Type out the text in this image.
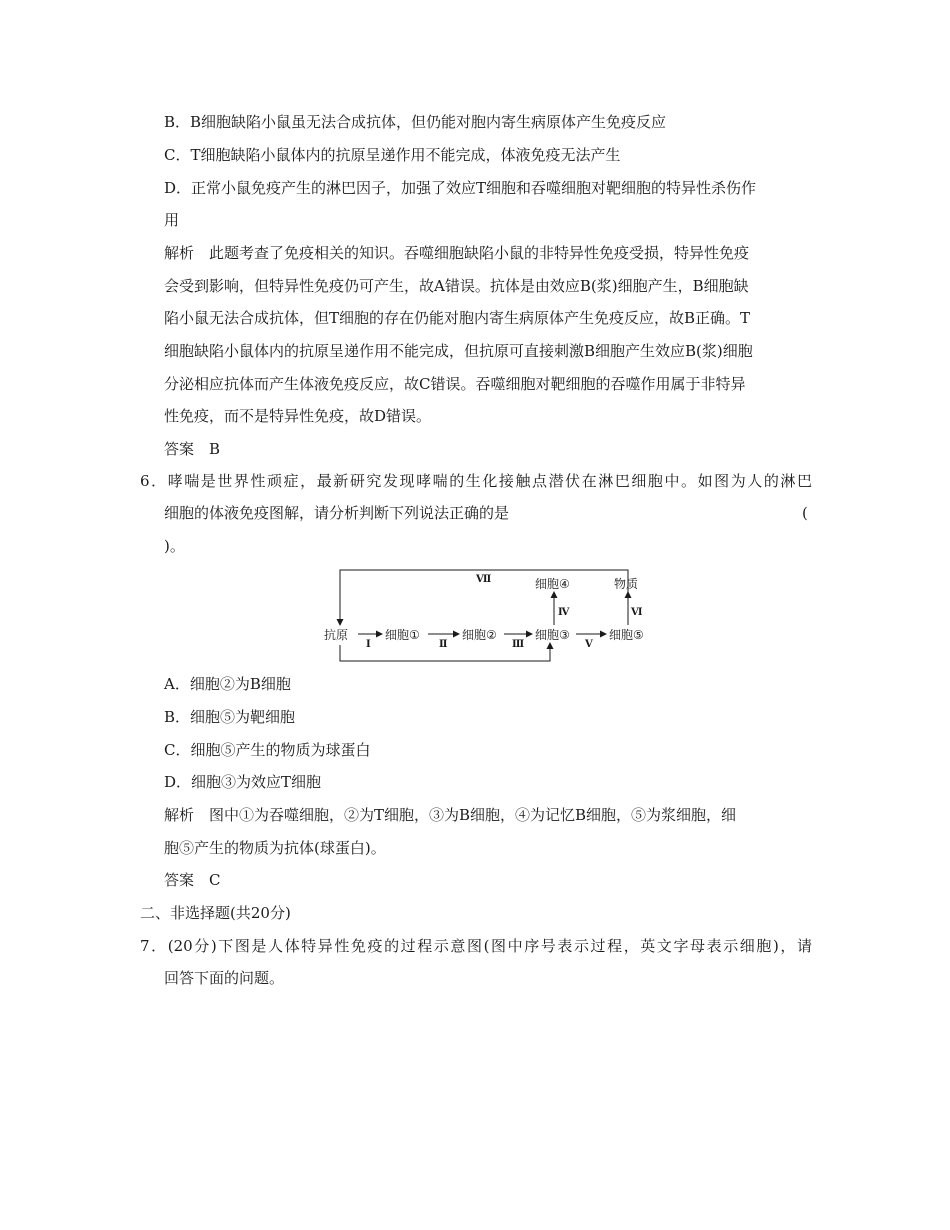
B．B细胞缺陷小鼠虽无法合成抗体，但仍能对胞内寄生病原体产生免疫反应
C．T细胞缺陷小鼠体内的抗原呈递作用不能完成，体液免疫无法产生
D．正常小鼠免疫产生的淋巴因子，加强了效应T细胞和吞噬细胞对靶细胞的特异性杀伤作
用
解析　此题考查了免疫相关的知识。吞噬细胞缺陷小鼠的非特异性免疫受损，特异性免疫
会受到影响，但特异性免疫仍可产生，故A错误。抗体是由效应B(浆)细胞产生，B细胞缺
陷小鼠无法合成抗体，但T细胞的存在仍能对胞内寄生病原体产生免疫反应，故B正确。T
细胞缺陷小鼠体内的抗原呈递作用不能完成，但抗原可直接刺激B细胞产生效应B(浆)细胞
分泌相应抗体而产生体液免疫反应，故C错误。吞噬细胞对靶细胞的吞噬作用属于非特异
性免疫，而不是特异性免疫，故D错误。
答案　B
6．哮喘是世界性顽症，最新研究发现哮喘的生化接触点潜伏在淋巴细胞中。如图为人的淋巴
细胞的体液免疫图解，请分析判断下列说法正确的是	(
)。
抗原	细胞①	细胞②	细胞③	细胞⑤
细胞④	物质
Ⅰ	Ⅱ	Ⅲ
Ⅳ
Ⅴ
Ⅵ
Ⅶ
A．细胞②为B细胞
B．细胞⑤为靶细胞
C．细胞⑤产生的物质为球蛋白
D．细胞③为效应T细胞
解析　图中①为吞噬细胞，②为T细胞，③为B细胞，④为记忆B细胞，⑤为浆细胞，细
胞⑤产生的物质为抗体(球蛋白)。
答案　C
二、非选择题(共20分)
7．(20分)下图是人体特异性免疫的过程示意图(图中序号表示过程，英文字母表示细胞)，请
回答下面的问题。
